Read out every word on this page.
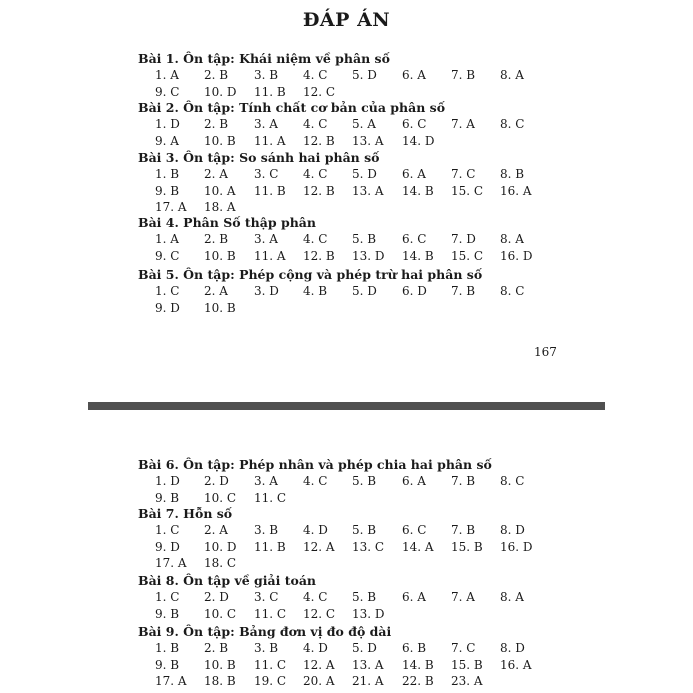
ĐÁP ÁN
Bài 1. Ôn tập: Khái niệm về phân số
1. A 2. B 3. B 4. C 5. D 6. A 7. B 8. A
9. C 10. D 11. B 12. C
Bài 2. Ôn tập: Tính chất cơ bản của phân số
1. D 2. B 3. A 4. C 5. A 6. C 7. A 8. C
9. A 10. B 11. A 12. B 13. A 14. D
Bài 3. Ôn tập: So sánh hai phân số
1. B 2. A 3. C 4. C 5. D 6. A 7. C 8. B
9. B 10. A 11. B 12. B 13. A 14. B 15. C 16. A
17. A 18. A
Bài 4. Phân Số thập phân
1. A 2. B 3. A 4. C 5. B 6. C 7. D 8. A
9. C 10. B 11. A 12. B 13. D 14. B 15. C 16. D
Bài 5. Ôn tập: Phép cộng và phép trừ hai phân số
1. C 2. A 3. D 4. B 5. D 6. D 7. B 8. C
9. D 10. B
167
Bài 6. Ôn tập: Phép nhân và phép chia hai phân số
1. D 2. D 3. A 4. C 5. B 6. A 7. B 8. C
9. B 10. C 11. C
Bài 7. Hỗn số
1. C 2. A 3. B 4. D 5. B 6. C 7. B 8. D
9. D 10. D 11. B 12. A 13. C 14. A 15. B 16. D
17. A 18. C
Bài 8. Ôn tập về giải toán
1. C 2. D 3. C 4. C 5. B 6. A 7. A 8. A
9. B 10. C 11. C 12. C 13. D
Bài 9. Ôn tập: Bảng đơn vị đo độ dài
1. B 2. B 3. B 4. D 5. D 6. B 7. C 8. D
9. B 10. B 11. C 12. A 13. A 14. B 15. B 16. A
17. A 18. B 19. C 20. A 21. A 22. B 23. A
